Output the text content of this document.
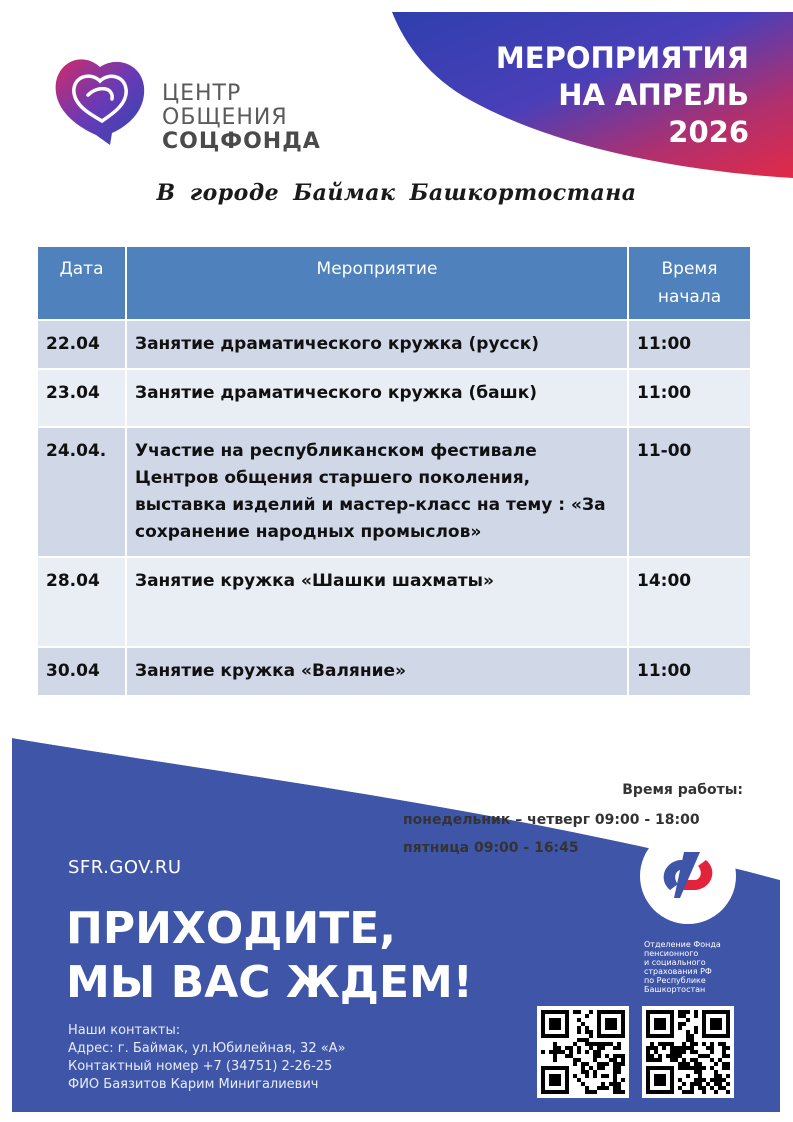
МЕРОПРИЯТИЯ
НА АПРЕЛЬ
2026
ЦЕНТР
ОБЩЕНИЯ
СОЦФОНДА
В городе Баймак Башкортостана
Дата	Мероприятие	Время начала
22.04	Занятие драматического кружка (русск)	11:00
23.04	Занятие драматического кружка (башк)	11:00
24.04.	Участие на республиканском фестивале Центров общения старшего поколения, выставка изделий и мастер-класс на тему : «За сохранение народных промыслов»	11-00
28.04	Занятие кружка «Шашки шахматы»	14:00
30.04	Занятие кружка «Валяние»	11:00
Время работы:
понедельник – четверг 09:00 - 18:00
пятница 09:00 - 16:45
SFR.GOV.RU
ПРИХОДИТЕ,
МЫ ВАС ЖДЕМ!
Наши контакты:
Адрес: г. Баймак, ул.Юбилейная, 32 «А»
Контактный номер +7 (34751) 2-26-25
ФИО Баязитов Карим Минигалиевич
Отделение Фонда
пенсионного
и социального
страхования РФ
по Республике
Башкортостан
